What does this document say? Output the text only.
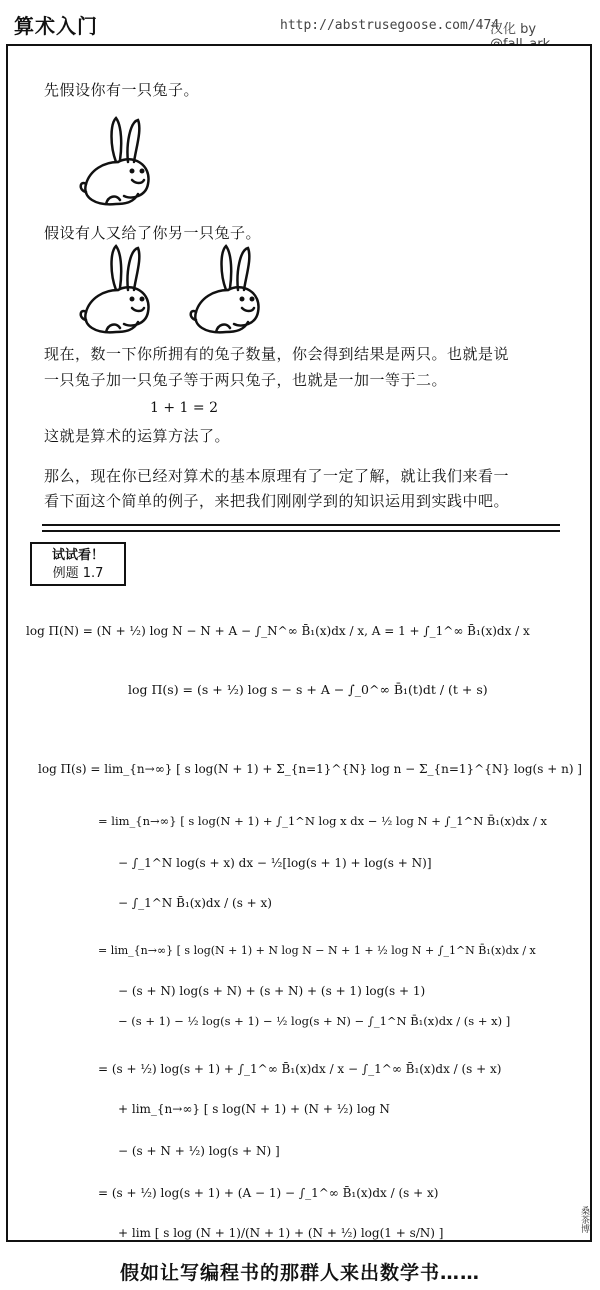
算术入门	http://abstrusegoose.com/474
汉化 by
先假设你有一只兔子。
假设有人又给了你另一只兔子。
现在，数一下你所拥有的兔子数量，你会得到结果是两只。也就是说
一只兔子加一只兔子等于两只兔子，也就是一加一等于二。
1 + 1 = 2
这就是算术的运算方法了。
那么，现在你已经对算术的基本原理有了一定了解，就让我们来看一
看下面这个简单的例子，来把我们刚刚学到的知识运用到实践中吧。
试试看！
例题 1.7
log Π(N) = (N + ½) log N − N + A − ∫_N^∞ B̄₁(x)dx / x, A = 1 + ∫_1^∞ B̄₁(x)dx / x
log Π(s) = (s + ½) log s − s + A − ∫_0^∞ B̄₁(t)dt / (t + s)
log Π(s) = lim_{n→∞} [ s log(N + 1) + Σ_{n=1}^{N} log n − Σ_{n=1}^{N} log(s + n) ]
= lim_{n→∞} [ s log(N + 1) + ∫_1^N log x dx − ½ log N + ∫_1^N B̄₁(x)dx / x
− ∫_1^N log(s + x) dx − ½[log(s + 1) + log(s + N)]
− ∫_1^N B̄₁(x)dx / (s + x)
= lim_{n→∞} [ s log(N + 1) + N log N − N + 1 + ½ log N + ∫_1^N B̄₁(x)dx / x
− (s + N) log(s + N) + (s + N) + (s + 1) log(s + 1)
− (s + 1) − ½ log(s + 1) − ½ log(s + N) − ∫_1^N B̄₁(x)dx / (s + x) ]
= (s + ½) log(s + 1) + ∫_1^∞ B̄₁(x)dx / x − ∫_1^∞ B̄₁(x)dx / (s + x)
+ lim_{n→∞} [ s log(N + 1) + (N + ½) log N
− (s + N + ½) log(s + N) ]
= (s + ½) log(s + 1) + (A − 1) − ∫_1^∞ B̄₁(x)dx / (s + x)
+ lim [ s log (N + 1)/(N + 1) + (N + ½) log(1 + s/N) ]	桑茶博
假如让写编程书的那群人来出数学书……
